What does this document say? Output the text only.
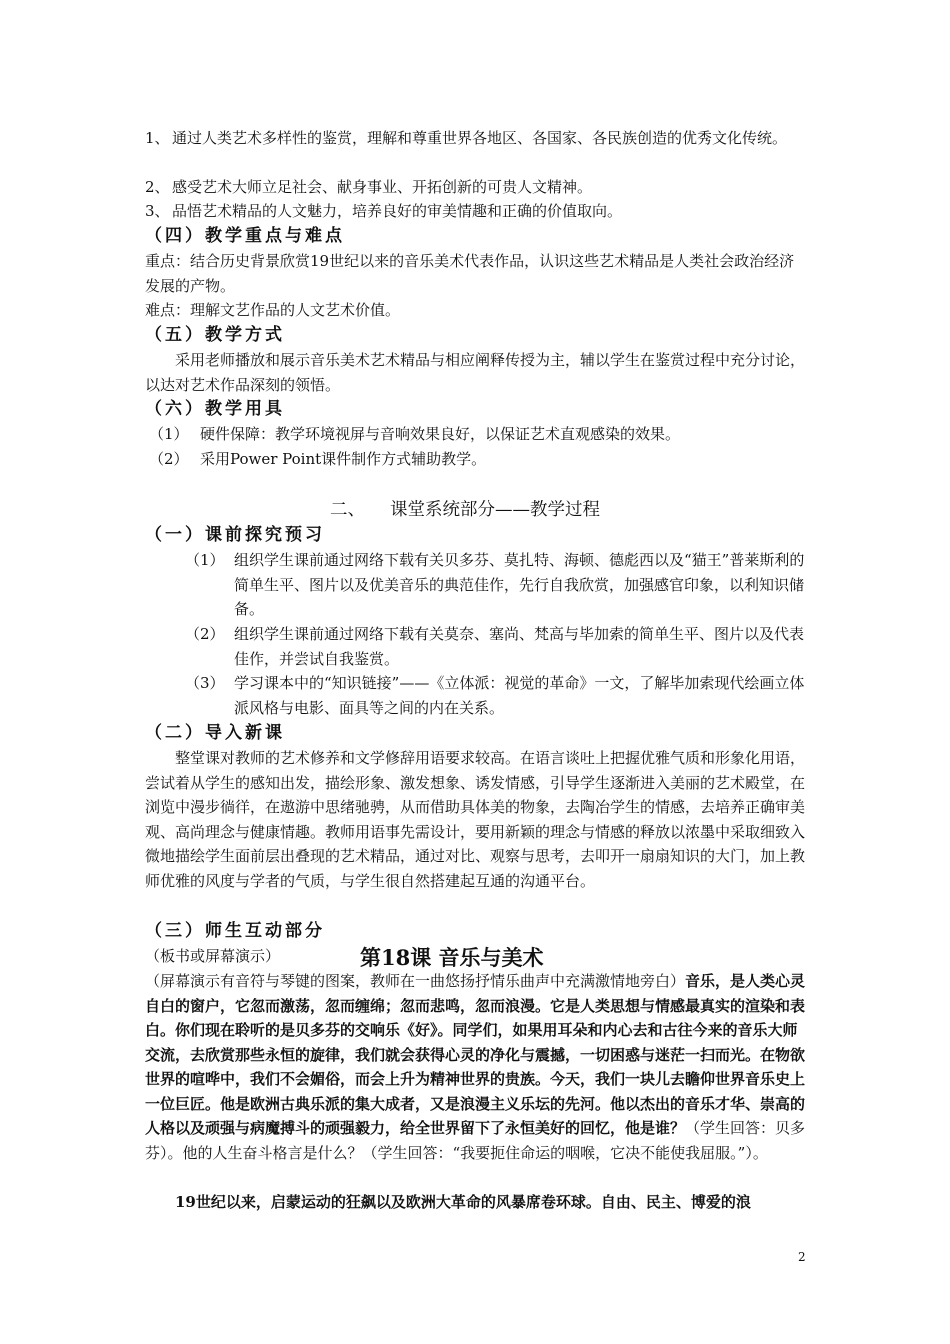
1、 通过人类艺术多样性的鉴赏，理解和尊重世界各地区、各国家、各民族创造的优秀文化传统。
2、 感受艺术大师立足社会、献身事业、开拓创新的可贵人文精神。
3、 品悟艺术精品的人文魅力，培养良好的审美情趣和正确的价值取向。
（四）教学重点与难点

重点：结合历史背景欣赏19世纪以来的音乐美术代表作品，认识这些艺术精品是人类社会政治经济发展的产物。

难点：理解文艺作品的人文艺术价值。

（五）教学方式

采用老师播放和展示音乐美术艺术精品与相应阐释传授为主，辅以学生在鉴赏过程中充分讨论，以达对艺术作品深刻的领悟。

（六）教学用具
（1） 硬件保障：教学环境视屏与音响效果良好，以保证艺术直观感染的效果。
（2） 采用Power Point课件制作方式辅助教学。
二、 课堂系统部分——教学过程
（一）课前探究预习
（1） 组织学生课前通过网络下载有关贝多芬、莫扎特、海顿、德彪西以及“猫王”普莱斯利的简单生平、图片以及优美音乐的典范佳作，先行自我欣赏，加强感官印象，以利知识储备。
（2） 组织学生课前通过网络下载有关莫奈、塞尚、梵高与毕加索的简单生平、图片以及代表佳作，并尝试自我鉴赏。
（3） 学习课本中的“知识链接”——《立体派：视觉的革命》一文，了解毕加索现代绘画立体派风格与电影、面具等之间的内在关系。
（二）导入新课

整堂课对教师的艺术修养和文学修辞用语要求较高。在语言谈吐上把握优雅气质和形象化用语，尝试着从学生的感知出发，描绘形象、激发想象、诱发情感，引导学生逐渐进入美丽的艺术殿堂，在浏览中漫步徜徉，在遨游中思绪驰骋，从而借助具体美的物象，去陶冶学生的情感，去培养正确审美观、高尚理念与健康情趣。教师用语事先需设计，要用新颖的理念与情感的释放以浓墨中采取细致入微地描绘学生面前层出叠现的艺术精品，通过对比、观察与思考，去叩开一扇扇知识的大门，加上教师优雅的风度与学者的气质，与学生很自然搭建起互通的沟通平台。

（三）师生互动部分
第18课 音乐与美术

（板书或屏幕演示）

（屏幕演示有音符与琴键的图案，教师在一曲悠扬抒情乐曲声中充满激情地旁白）音乐，是人类心灵自白的窗户，它忽而激荡，忽而缠绵；忽而悲鸣，忽而浪漫。它是人类思想与情感最真实的渲染和表白。你们现在聆听的是贝多芬的交响乐《好》。同学们，如果用耳朵和内心去和古往今来的音乐大师交流，去欣赏那些永恒的旋律，我们就会获得心灵的净化与震撼，一切困惑与迷茫一扫而光。在物欲世界的喧哗中，我们不会媚俗，而会上升为精神世界的贵族。今天，我们一块儿去瞻仰世界音乐史上一位巨匠。他是欧洲古典乐派的集大成者，又是浪漫主义乐坛的先河。他以杰出的音乐才华、崇高的人格以及顽强与病魔搏斗的顽强毅力，给全世界留下了永恒美好的回忆，他是谁？（学生回答：贝多芬）。他的人生奋斗格言是什么？（学生回答：“我要扼住命运的咽喉，它决不能使我屈服。”）。

19世纪以来，启蒙运动的狂飙以及欧洲大革命的风暴席卷环球。自由、民主、博爱的浪

2
